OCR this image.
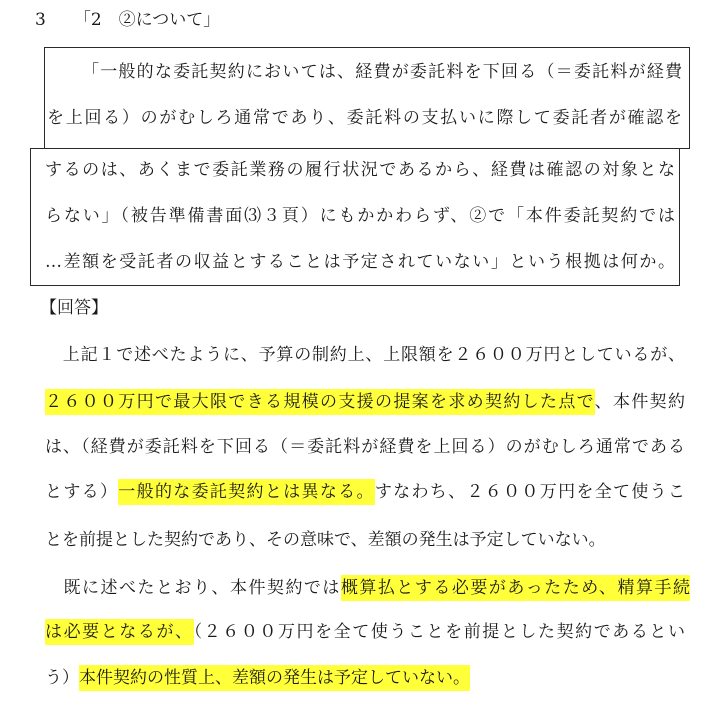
3 「2　②について」
「一般的な委託契約においては、経費が委託料を下回る（＝委託料が経費
を上回る）のがむしろ通常であり、委託料の支払いに際して委託者が確認を
するのは、あくまで委託業務の履行状況であるから、経費は確認の対象とな
らない」（被告準備書面⑶３頁）にもかかわらず、②で「本件委託契約では
…差額を受託者の収益とすることは予定されていない」という根拠は何か。
【回答】
　上記１で述べたように、予算の制約上、上限額を２６００万円としているが、
２６００万円で最大限できる規模の支援の提案を求め契約した点で、本件契約
は、（経費が委託料を下回る（＝委託料が経費を上回る）のがむしろ通常である
とする）一般的な委託契約とは異なる。すなわち、２６００万円を全て使うこ
とを前提とした契約であり、その意味で、差額の発生は予定していない。
　既に述べたとおり、本件契約では概算払とする必要があったため、精算手続
は必要となるが、（２６００万円を全て使うことを前提とした契約であるとい
う）本件契約の性質上、差額の発生は予定していない。
